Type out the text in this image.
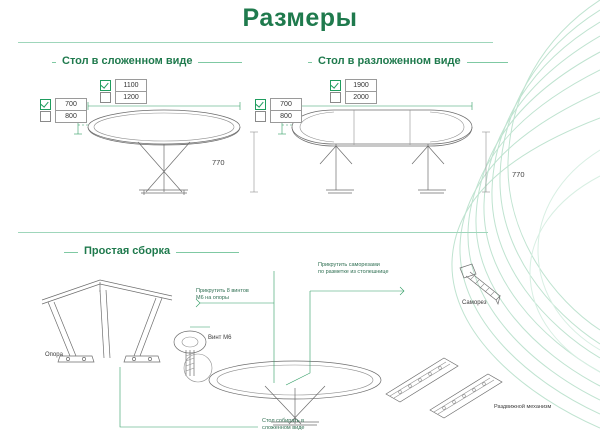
Размеры
Стол в сложенном виде	Стол в разложенном виде
700
800
1100
1200
770
700
800
1900
2000
770
Простая сборка
Опора
Винт М6
Саморез
Раздвижной механизм
Прикрутить 8 винтов
М6 на опоры
Прикрутить саморезами
по разметкe из столешнице
Стол собирать в
сложенном виде
